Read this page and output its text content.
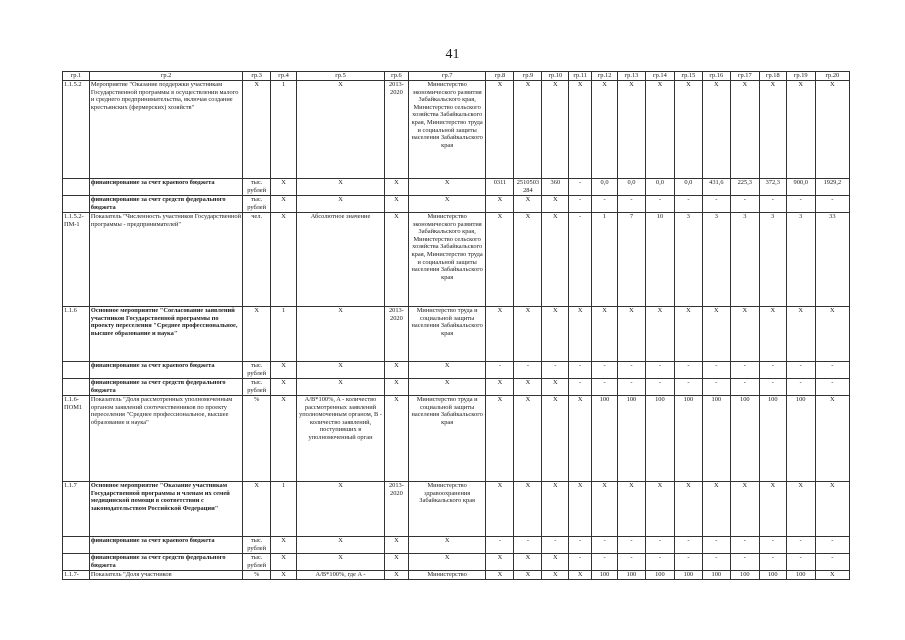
41
гр.1	гр.2	гр.3	гр.4	гр.5	гр.6	гр.7	гр.8	гр.9	гр.10	гр.11	гр.12	гр.13	гр.14	гр.15	гр.16	гр.17	гр.18	гр.19	гр.20
1.1.5.2	Мероприятие "Оказание поддержки участникам Государственной программы в осуществлении малого и среднего предпринимательства, включая создание крестьянских (фермерских) хозяйств"	X	1	X	2013-2020	Министерство экономического развития Забайкальского края, Министерство сельского хозяйства Забайкальского края, Министерство труда и социальной защиты населения Забайкальского края	X	X	X	X	X	X	X	X	X	X	X	X	X
	финансирование за счет краевого бюджета	тыс. рублей	X	X	X	X	0311	2510503 284	360	-	0,0	0,0	0,0	0,0	431,6	225,3	372,3	900,0	1929,2
	финансирование за счет средств федерального бюджета	тыс. рублей	X	X	X	X	X	X	X	-	-	-	-	-	-	-	-	-	-
1.1.5.2-ПМ-1	Показатель "Численность участников Государственной программы - предпринимателей"	чел.	X	Абсолютное значение	X	Министерство экономического развития Забайкальского края, Министерство сельского хозяйства Забайкальского края, Министерство труда и социальной защиты населения Забайкальского края	X	X	X	-	1	7	10	3	3	3	3	3	33
1.1.6	Основное мероприятие "Согласование заявлений участников Государственной программы по проекту переселения "Среднее профессиональное, высшее образование и наука"	X	1	X	2013-2020	Министерство труда и социальной защиты населения Забайкальского края	X	X	X	X	X	X	X	X	X	X	X	X	X
	финансирование за счет краевого бюджета	тыс. рублей	X	X	X	X	-	-	-	-	-	-	-	-	-	-	-	-	-
	финансирование за счет средств федерального бюджета	тыс. рублей	X	X	X	X	X	X	X	-	-	-	-	-	-	-	-	-	-
1.1.6-ПОМ1	Показатель "Доля рассмотренных уполномоченным органом заявлений соотечественников по проекту переселения "Среднее профессиональное, высшее образование и наука"	%	X	A/B*100%, A - количество рассмотренных заявлений уполномоченным органом, B - количество заявлений, поступивших в уполномоченный орган	X	Министерство труда и социальной защиты населения Забайкальского края	X	X	X	X	100	100	100	100	100	100	100	100	X
1.1.7	Основное мероприятие "Оказание участникам Государственной программы и членам их семей медицинской помощи в соответствии с законодательством Российской Федерации"	X	1	X	2013-2020	Министерство здравоохранения Забайкальского края	X	X	X	X	X	X	X	X	X	X	X	X	X
	финансирование за счет краевого бюджета	тыс. рублей	X	X	X	X	-	-	-	-	-	-	-	-	-	-	-	-	-
	финансирование за счет средств федерального бюджета	тыс. рублей	X	X	X	X	X	X	X	-	-	-	-	-	-	-	-	-	-
1.1.7-	Показатель "Доля участников	%	X	A/B*100%, где A -	X	Министерство	X	X	X	X	100	100	100	100	100	100	100	100	X
